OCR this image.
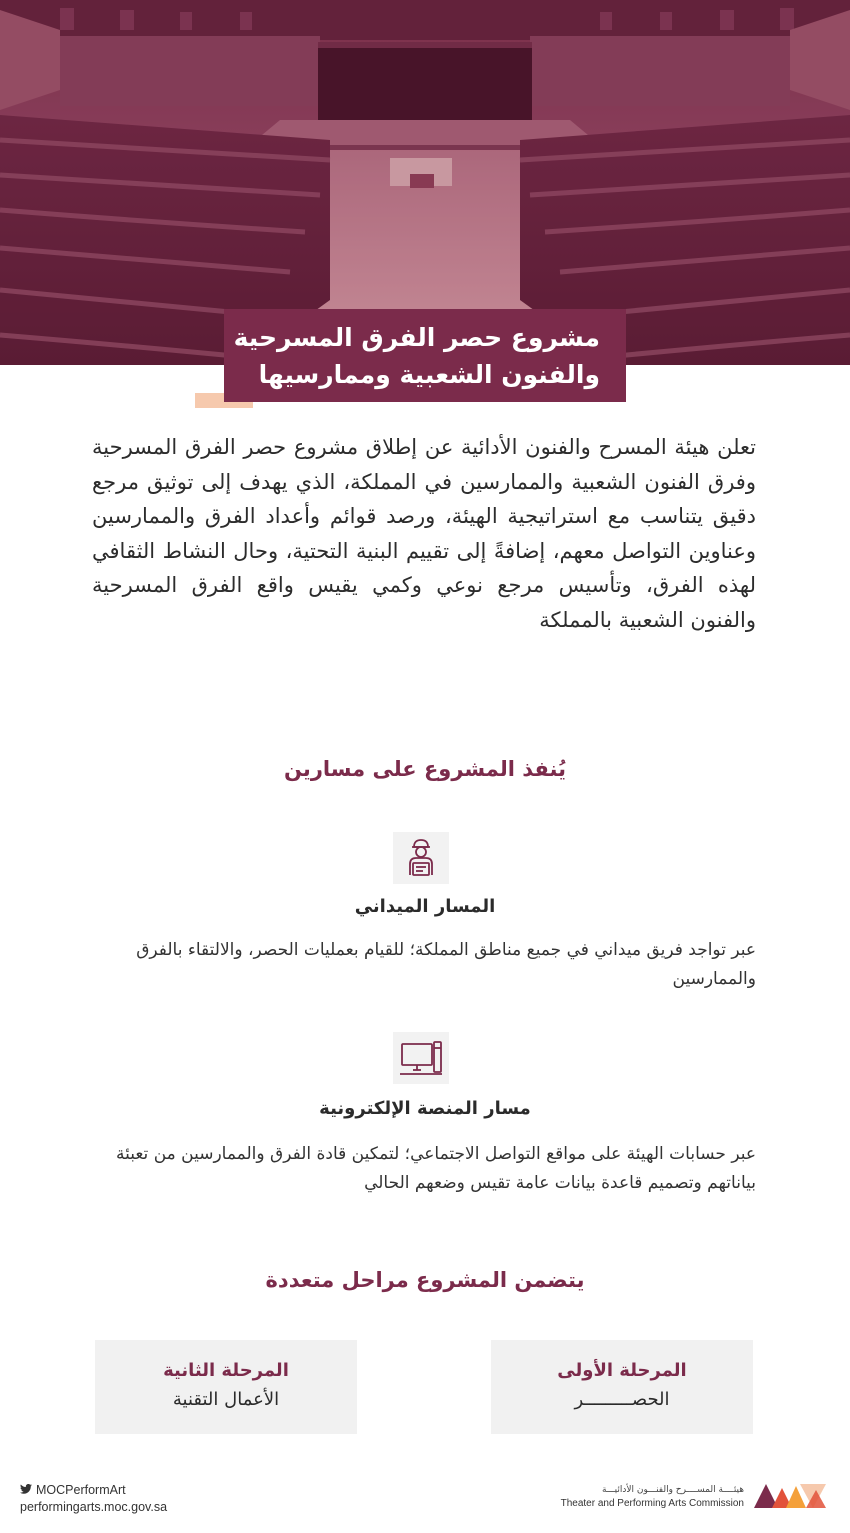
مشروع حصر الفرق المسرحية
والفنون الشعبية وممارسيها

تعلن هيئة المسرح والفنون الأدائية عن إطلاق مشروع حصر الفرق المسرحية وفرق الفنون الشعبية والممارسين في المملكة، الذي يهدف إلى توثيق مرجع دقيق يتناسب مع استراتيجية الهيئة، ورصد قوائم وأعداد الفرق والممارسين وعناوين التواصل معهم، إضافةً إلى تقييم البنية التحتية، وحال النشاط الثقافي لهذه الفرق، وتأسيس مرجع نوعي وكمي يقيس واقع الفرق المسرحية والفنون الشعبية بالمملكة

يُنفذ المشروع على مسارين
المسار الميداني

عبر تواجد فريق ميداني في جميع مناطق المملكة؛ للقيام بعمليات الحصر، والالتقاء بالفرق والممارسين

مسار المنصة الإلكترونية

عبر حسابات الهيئة على مواقع التواصل الاجتماعي؛ لتمكين قادة الفرق والممارسين من تعبئة بياناتهم وتصميم قاعدة بيانات عامة تقيس وضعهم الحالي

يتضمن المشروع مراحل متعددة
المرحلة الأولى
الحصـــــــــر
المرحلة الثانية
الأعمال التقنية
MOCPerformArt
performingarts.moc.gov.sa
هيئــــة المســــرح والفنـــون الأدائيـــة
Theater and Performing Arts Commission
